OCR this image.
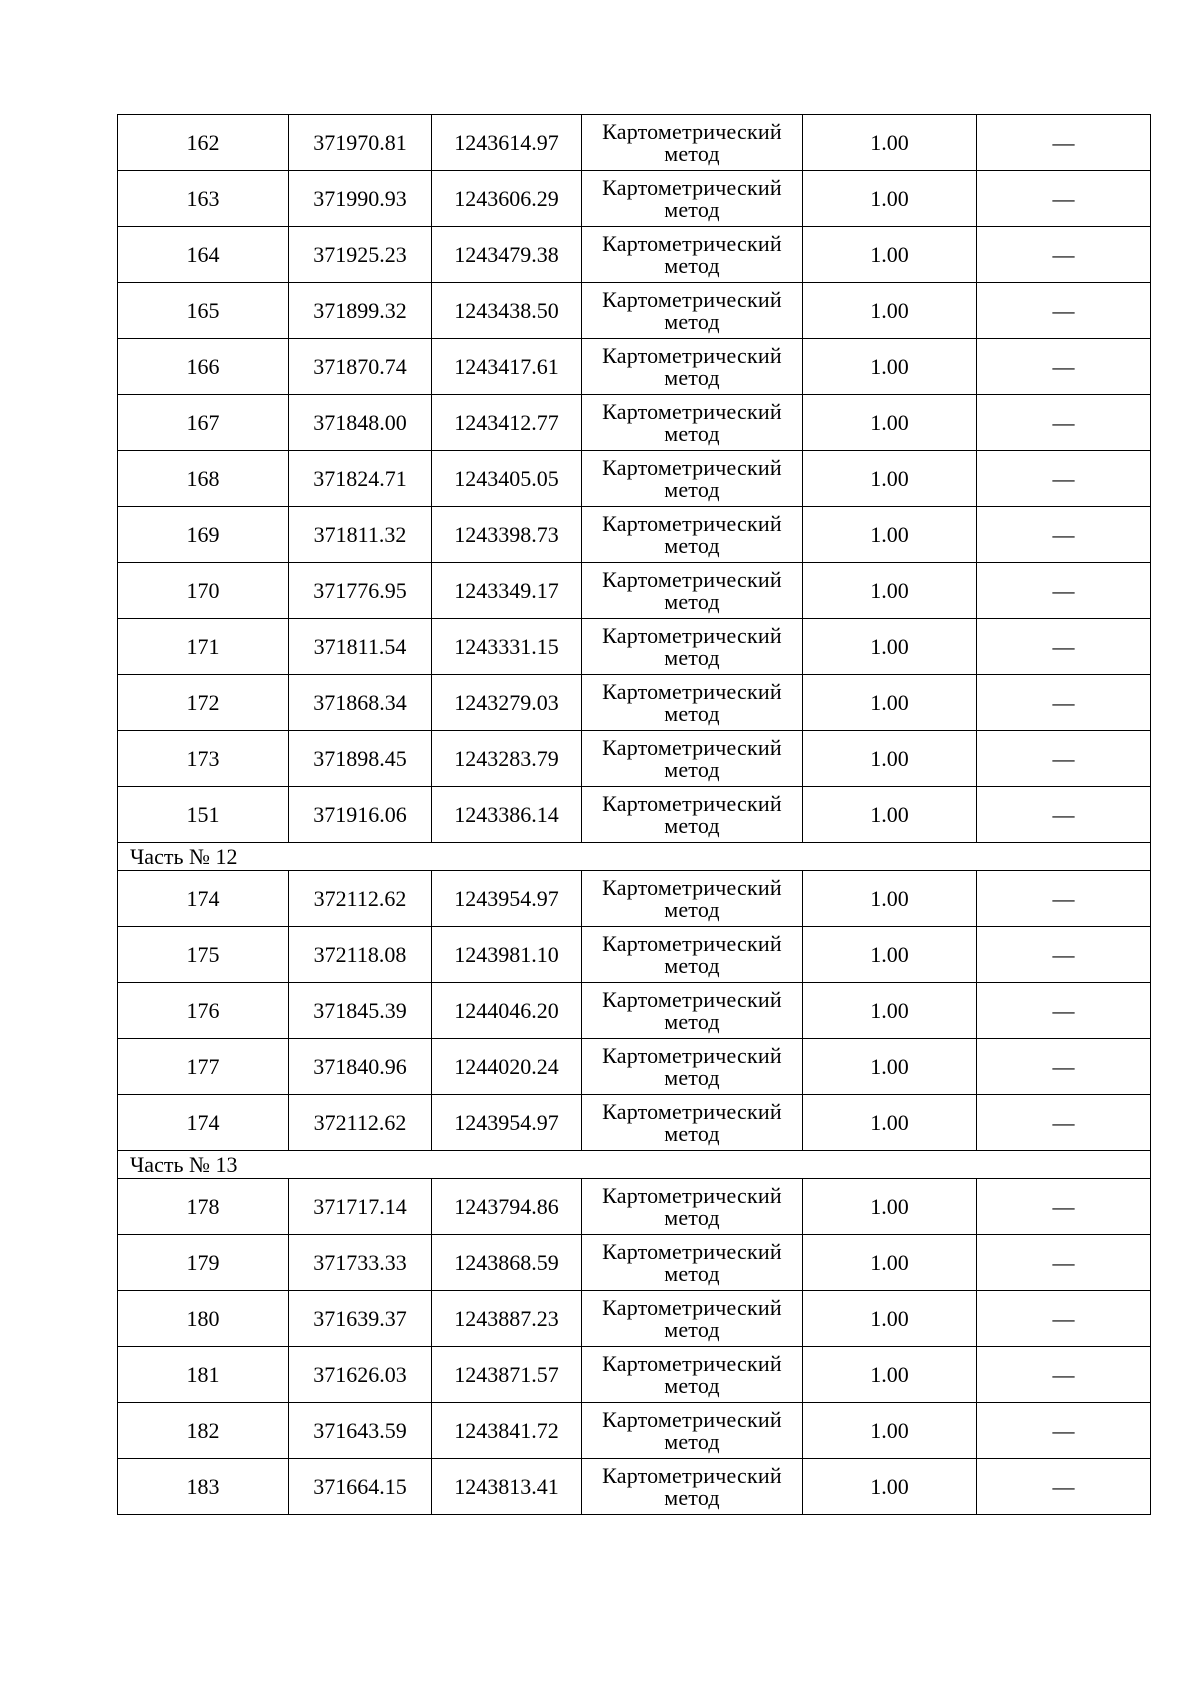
162	371970.81	1243614.97	Картометрический метод	1.00	—
163	371990.93	1243606.29	Картометрический метод	1.00	—
164	371925.23	1243479.38	Картометрический метод	1.00	—
165	371899.32	1243438.50	Картометрический метод	1.00	—
166	371870.74	1243417.61	Картометрический метод	1.00	—
167	371848.00	1243412.77	Картометрический метод	1.00	—
168	371824.71	1243405.05	Картометрический метод	1.00	—
169	371811.32	1243398.73	Картометрический метод	1.00	—
170	371776.95	1243349.17	Картометрический метод	1.00	—
171	371811.54	1243331.15	Картометрический метод	1.00	—
172	371868.34	1243279.03	Картометрический метод	1.00	—
173	371898.45	1243283.79	Картометрический метод	1.00	—
151	371916.06	1243386.14	Картометрический метод	1.00	—
Часть № 12					
174	372112.62	1243954.97	Картометрический метод	1.00	—
175	372118.08	1243981.10	Картометрический метод	1.00	—
176	371845.39	1244046.20	Картометрический метод	1.00	—
177	371840.96	1244020.24	Картометрический метод	1.00	—
174	372112.62	1243954.97	Картометрический метод	1.00	—
Часть № 13					
178	371717.14	1243794.86	Картометрический метод	1.00	—
179	371733.33	1243868.59	Картометрический метод	1.00	—
180	371639.37	1243887.23	Картометрический метод	1.00	—
181	371626.03	1243871.57	Картометрический метод	1.00	—
182	371643.59	1243841.72	Картометрический метод	1.00	—
183	371664.15	1243813.41	Картометрический метод	1.00	—
